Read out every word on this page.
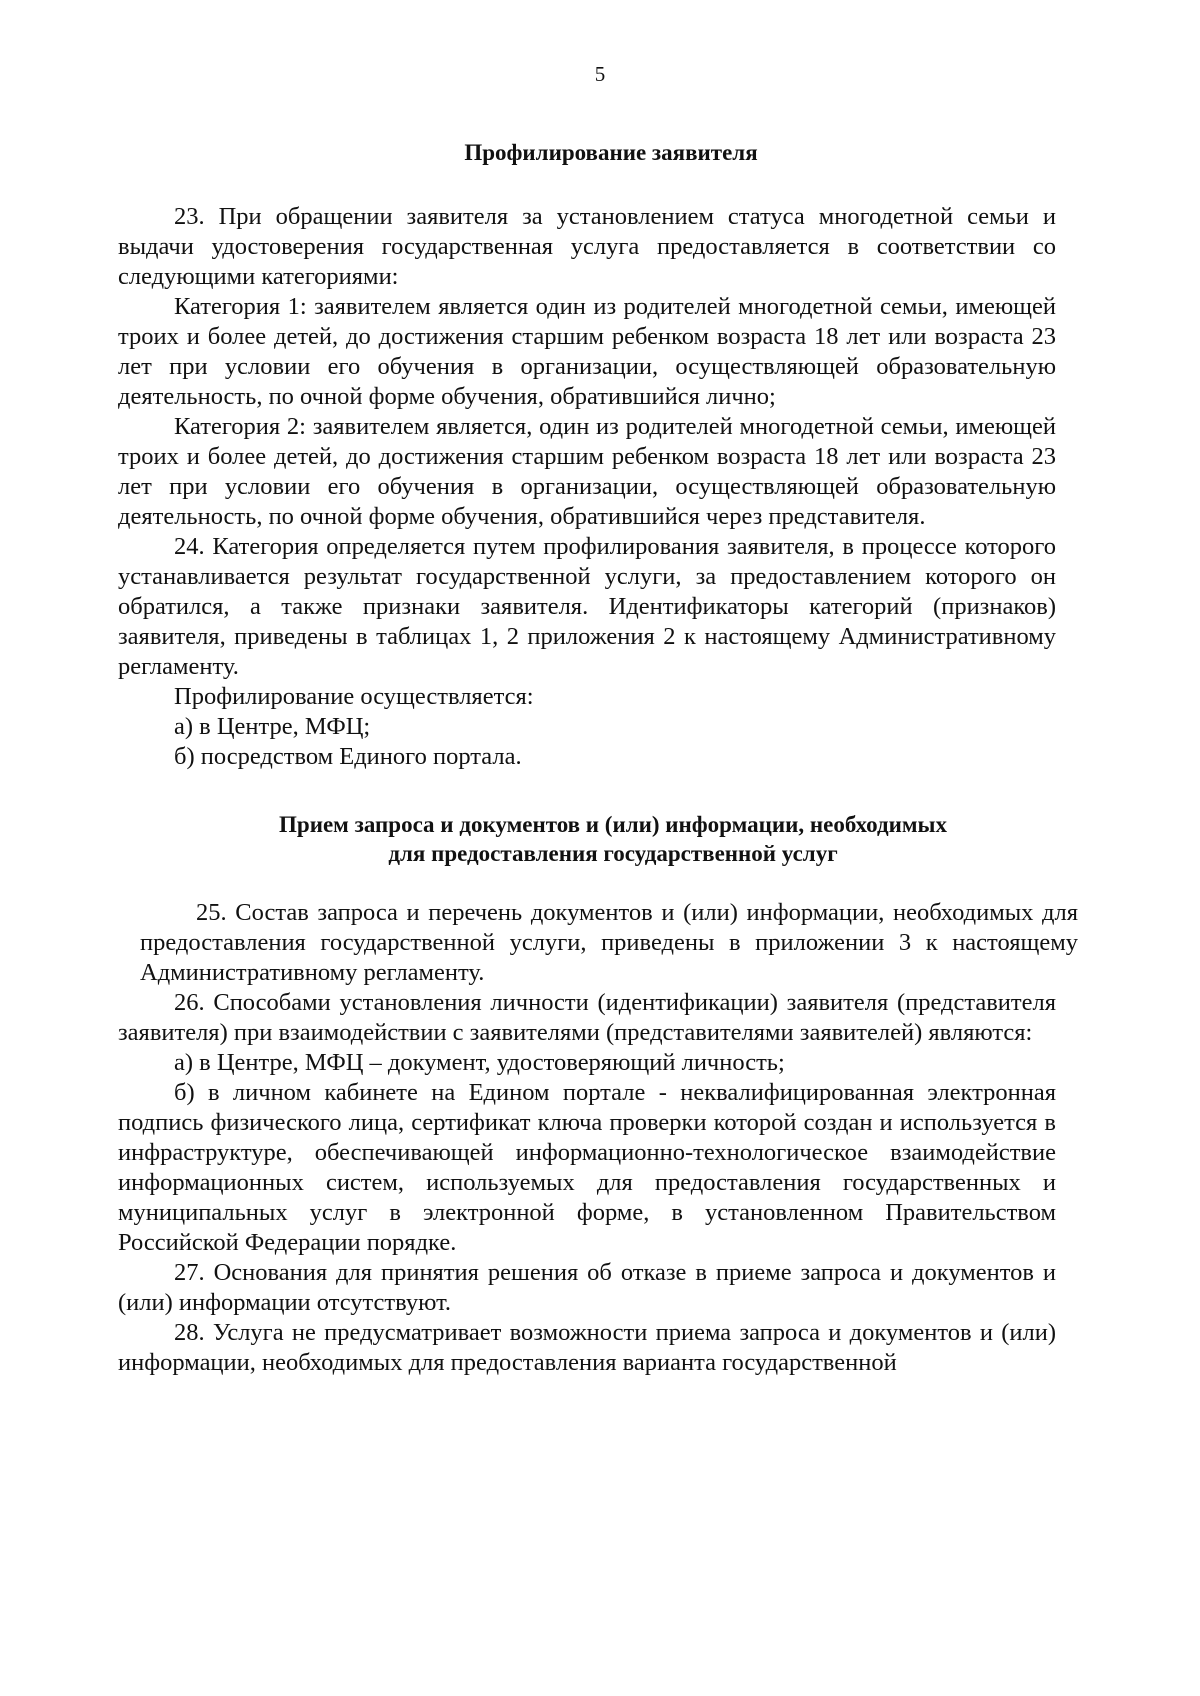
5
Профилирование заявителя

23. При обращении заявителя за установлением статуса многодетной семьи и выдачи удостоверения государственная услуга предоставляется в соответствии со следующими категориями:

Категория 1: заявителем является один из родителей многодетной семьи, имеющей троих и более детей, до достижения старшим ребенком возраста 18 лет или возраста 23 лет при условии его обучения в организации, осуществляющей образовательную деятельность, по очной форме обучения, обратившийся лично;

Категория 2: заявителем является, один из родителей многодетной семьи, имеющей троих и более детей, до достижения старшим ребенком возраста 18 лет или возраста 23 лет при условии его обучения в организации, осуществляющей образовательную деятельность, по очной форме обучения, обратившийся через представителя.

24. Категория определяется путем профилирования заявителя, в процессе которого устанавливается результат государственной услуги, за предоставлением которого он обратился, а также признаки заявителя. Идентификаторы категорий (признаков) заявителя, приведены в таблицах 1, 2 приложения 2 к настоящему Административному регламенту.

Профилирование осуществляется:

а) в Центре, МФЦ;

б) посредством Единого портала.

Прием запроса и документов и (или) информации, необходимых
для предоставления государственной услуг

25. Состав запроса и перечень документов и (или) информации, необходимых для предоставления государственной услуги, приведены в приложении 3 к настоящему Административному регламенту.

26. Способами установления личности (идентификации) заявителя (представителя заявителя) при взаимодействии с заявителями (представителями заявителей) являются:

а) в Центре, МФЦ – документ, удостоверяющий личность;

б) в личном кабинете на Едином портале - неквалифицированная электронная подпись физического лица, сертификат ключа проверки которой создан и используется в инфраструктуре, обеспечивающей информационно-технологическое взаимодействие информационных систем, используемых для предоставления государственных и муниципальных услуг в электронной форме, в установленном Правительством Российской Федерации порядке.

27. Основания для принятия решения об отказе в приеме запроса и документов и (или) информации отсутствуют.

28. Услуга не предусматривает возможности приема запроса и документов и (или) информации, необходимых для предоставления варианта государственной
